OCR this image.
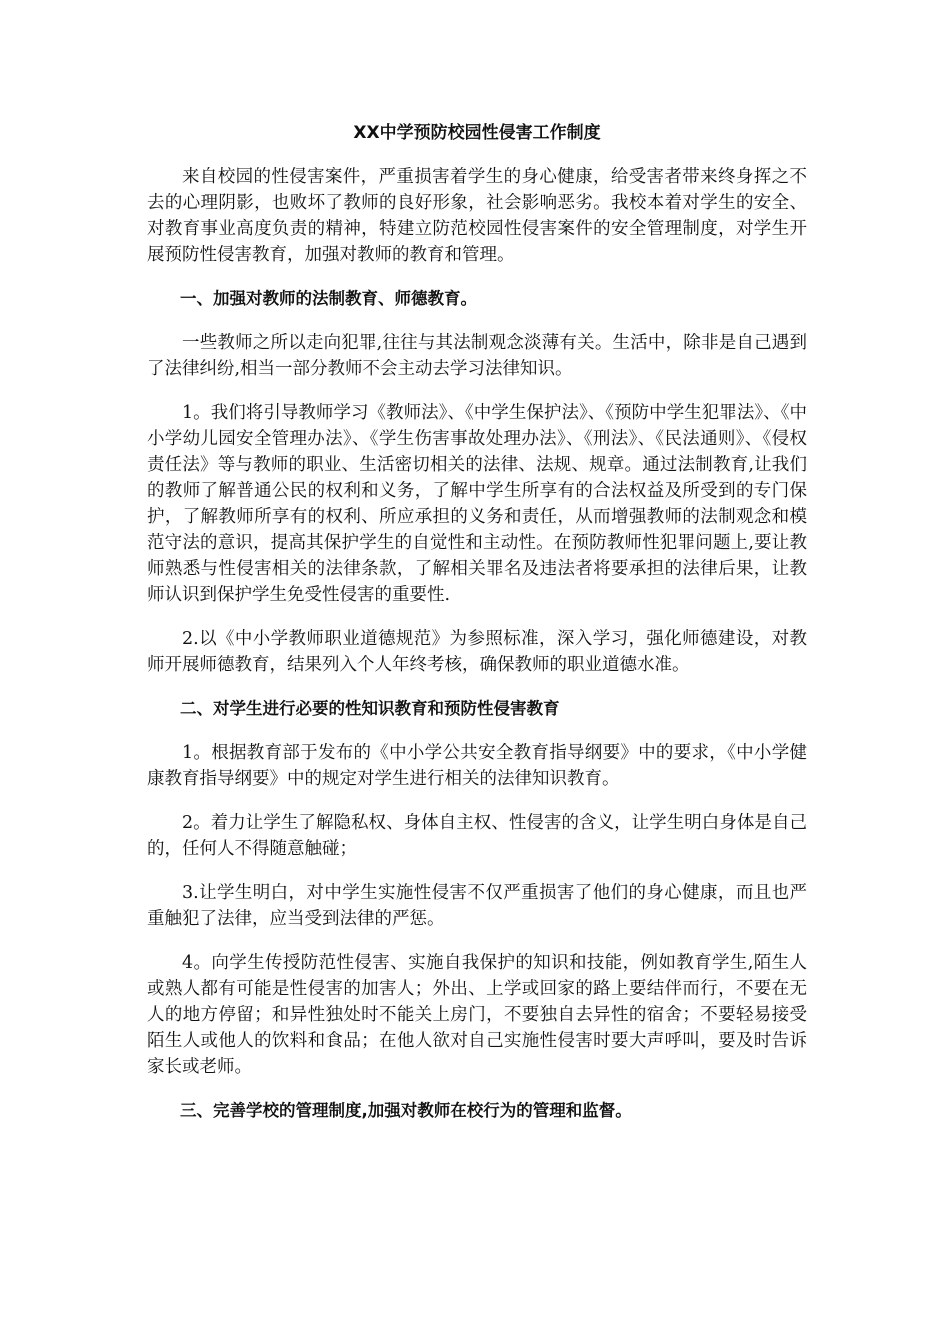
XX中学预防校园性侵害工作制度

来自校园的性侵害案件，严重损害着学生的身心健康，给受害者带来终身挥之不去的心理阴影，也败坏了教师的良好形象，社会影响恶劣。我校本着对学生的安全、对教育事业高度负责的精神，特建立防范校园性侵害案件的安全管理制度，对学生开展预防性侵害教育，加强对教师的教育和管理。

一、加强对教师的法制教育、师德教育。

一些教师之所以走向犯罪,往往与其法制观念淡薄有关。生活中，除非是自己遇到了法律纠纷,相当一部分教师不会主动去学习法律知识。

1。我们将引导教师学习《教师法》、《中学生保护法》、《预防中学生犯罪法》、《中小学幼儿园安全管理办法》、《学生伤害事故处理办法》、《刑法》、《民法通则》、《侵权责任法》等与教师的职业、生活密切相关的法律、法规、规章。通过法制教育,让我们的教师了解普通公民的权利和义务，了解中学生所享有的合法权益及所受到的专门保护，了解教师所享有的权利、所应承担的义务和责任，从而增强教师的法制观念和模范守法的意识，提高其保护学生的自觉性和主动性。在预防教师性犯罪问题上,要让教师熟悉与性侵害相关的法律条款，了解相关罪名及违法者将要承担的法律后果，让教师认识到保护学生免受性侵害的重要性.

2.以《中小学教师职业道德规范》为参照标准，深入学习，强化师德建设，对教师开展师德教育，结果列入个人年终考核，确保教师的职业道德水准。

二、对学生进行必要的性知识教育和预防性侵害教育

1。根据教育部于发布的《中小学公共安全教育指导纲要》中的要求，《中小学健康教育指导纲要》中的规定对学生进行相关的法律知识教育。

2。着力让学生了解隐私权、身体自主权、性侵害的含义，让学生明白身体是自己的，任何人不得随意触碰；

3.让学生明白，对中学生实施性侵害不仅严重损害了他们的身心健康，而且也严重触犯了法律，应当受到法律的严惩。

4。向学生传授防范性侵害、实施自我保护的知识和技能，例如教育学生,陌生人或熟人都有可能是性侵害的加害人；外出、上学或回家的路上要结伴而行，不要在无人的地方停留；和异性独处时不能关上房门，不要独自去异性的宿舍；不要轻易接受陌生人或他人的饮料和食品；在他人欲对自己实施性侵害时要大声呼叫，要及时告诉家长或老师。

三、完善学校的管理制度,加强对教师在校行为的管理和监督。
